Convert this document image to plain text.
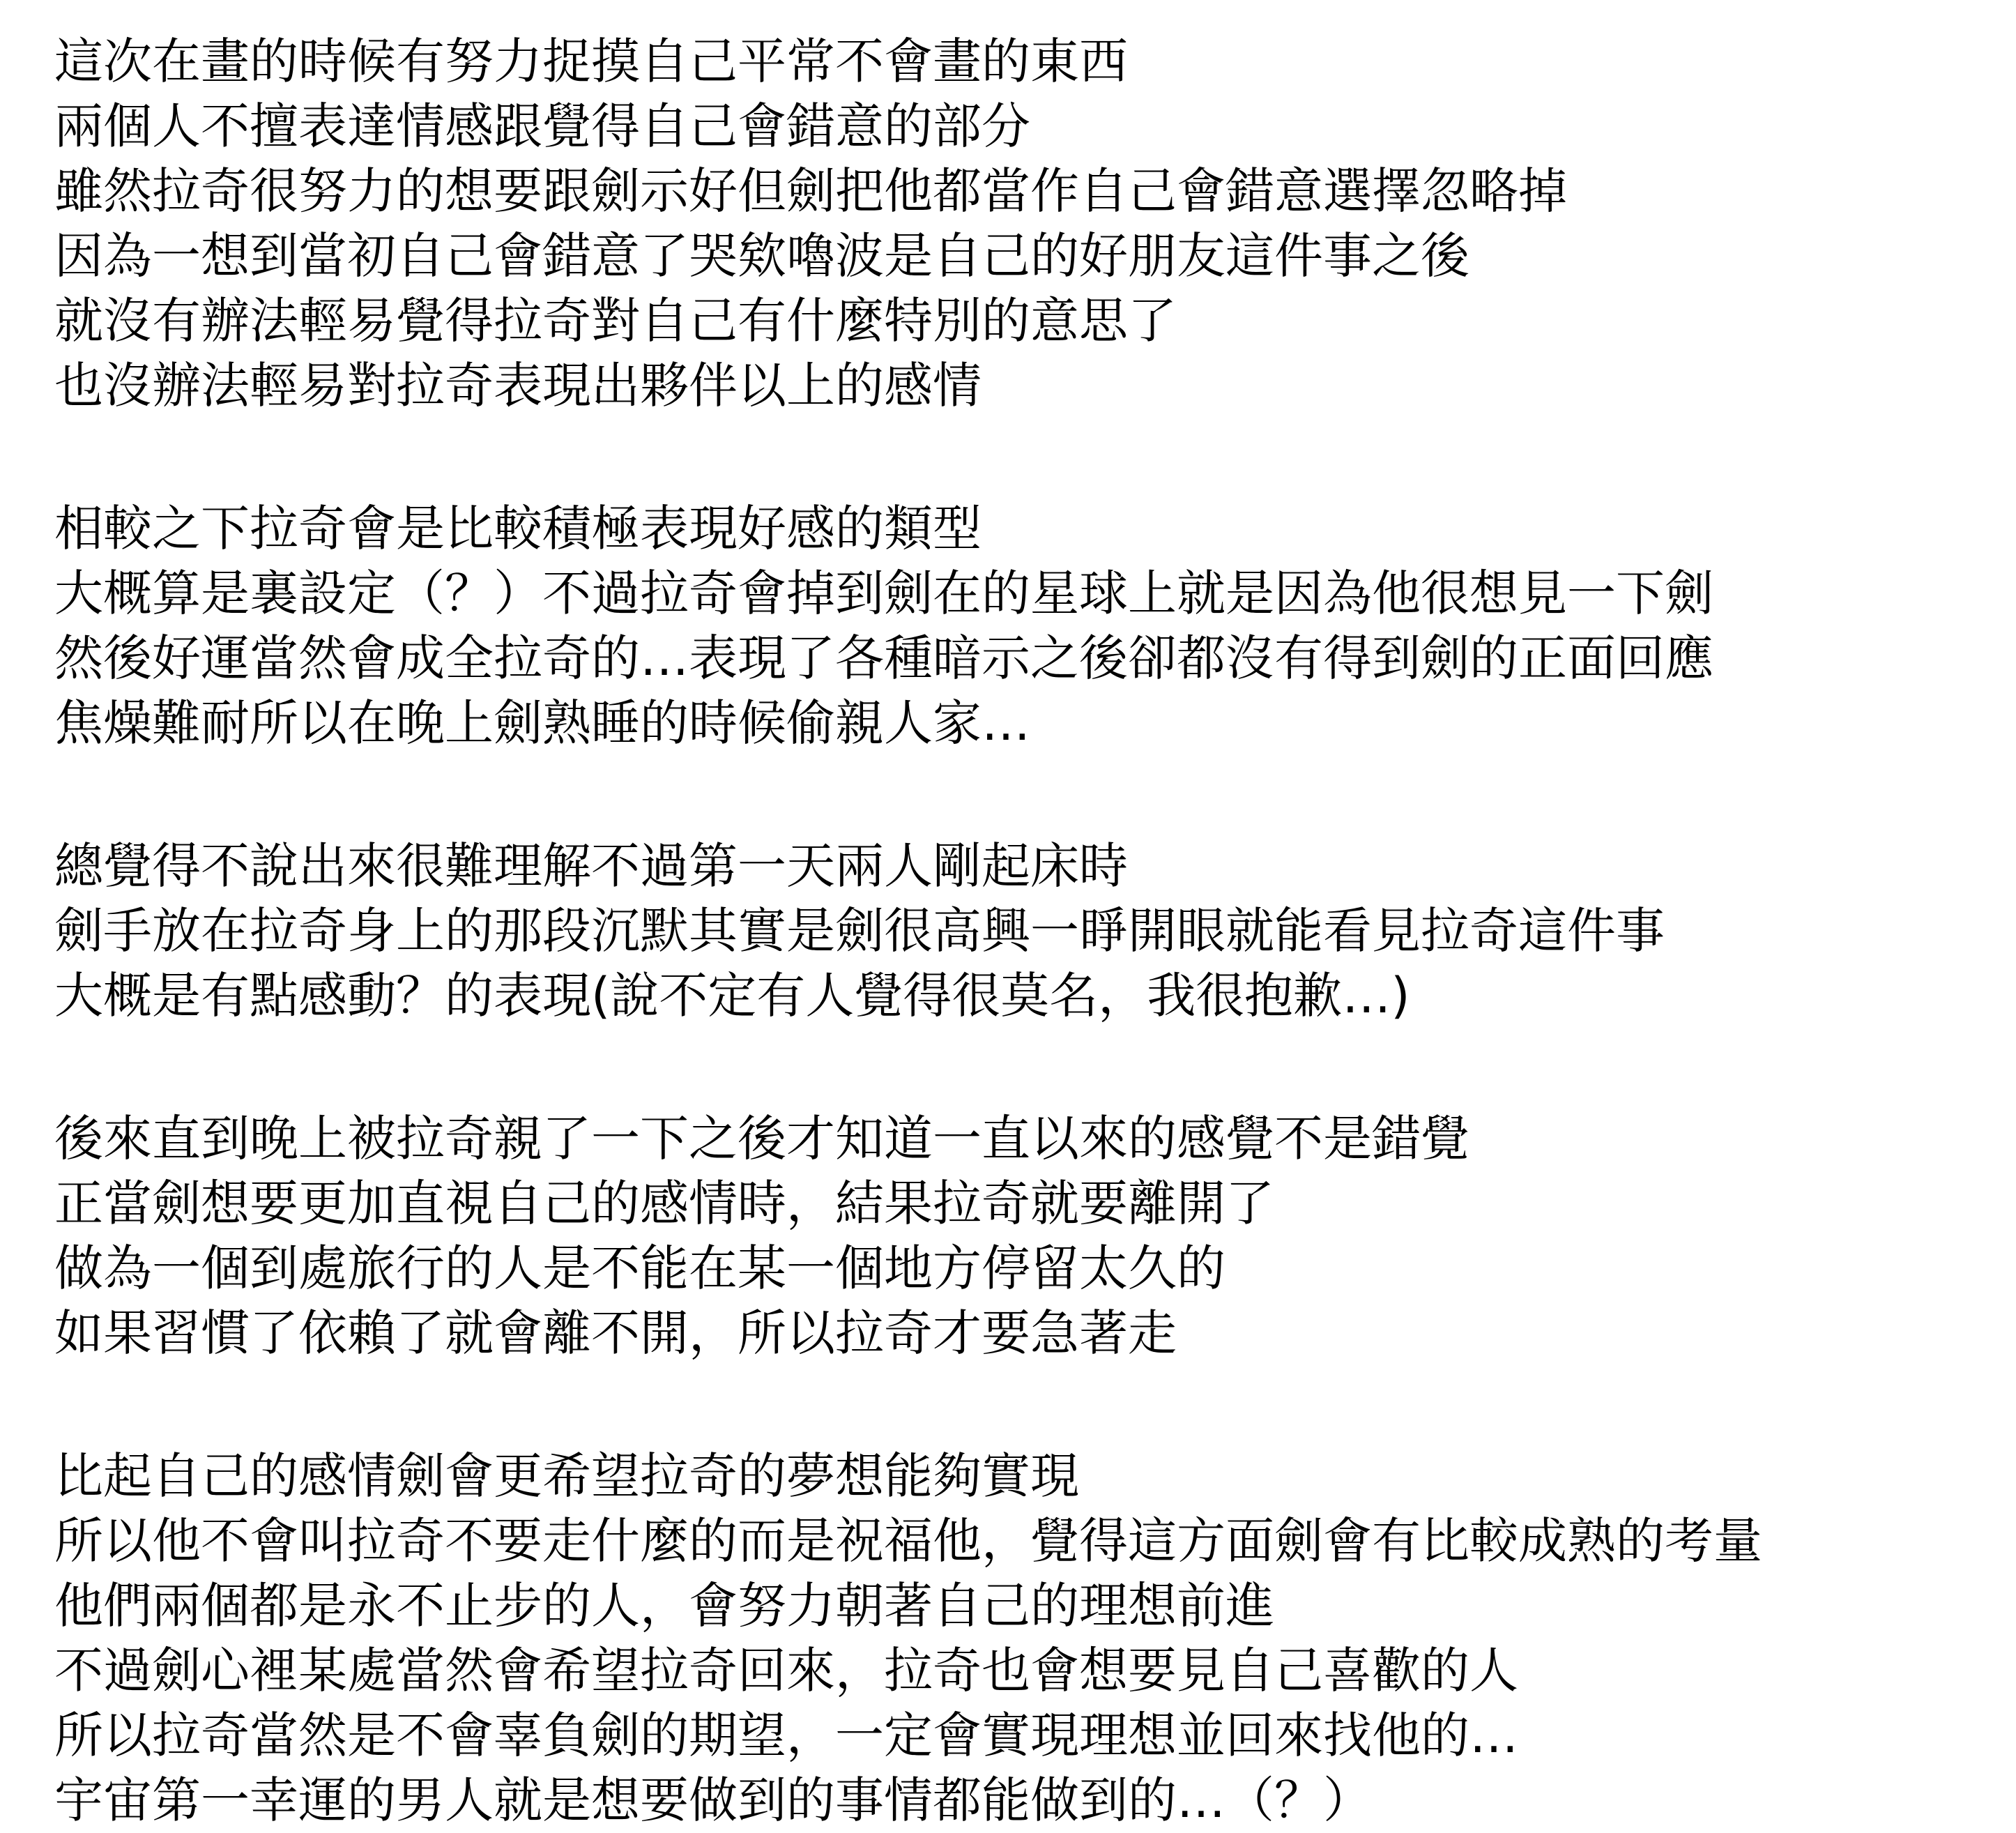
這次在畫的時候有努力捉摸自己平常不會畫的東西
兩個人不擅表達情感跟覺得自己會錯意的部分
雖然拉奇很努力的想要跟劍示好但劍把他都當作自己會錯意選擇忽略掉
因為一想到當初自己會錯意了哭欸嚕波是自己的好朋友這件事之後
就沒有辦法輕易覺得拉奇對自己有什麼特別的意思了
也沒辦法輕易對拉奇表現出夥伴以上的感情
相較之下拉奇會是比較積極表現好感的類型
大概算是裏設定（？）不過拉奇會掉到劍在的星球上就是因為他很想見一下劍
然後好運當然會成全拉奇的…表現了各種暗示之後卻都沒有得到劍的正面回應
焦燥難耐所以在晚上劍熟睡的時候偷親人家…
總覺得不說出來很難理解不過第一天兩人剛起床時
劍手放在拉奇身上的那段沉默其實是劍很高興一睜開眼就能看見拉奇這件事
大概是有點感動？的表現(說不定有人覺得很莫名，我很抱歉…)
後來直到晚上被拉奇親了一下之後才知道一直以來的感覺不是錯覺
正當劍想要更加直視自己的感情時，結果拉奇就要離開了
做為一個到處旅行的人是不能在某一個地方停留太久的
如果習慣了依賴了就會離不開，所以拉奇才要急著走
比起自己的感情劍會更希望拉奇的夢想能夠實現
所以他不會叫拉奇不要走什麼的而是祝福他，覺得這方面劍會有比較成熟的考量
他們兩個都是永不止步的人，會努力朝著自己的理想前進
不過劍心裡某處當然會希望拉奇回來，拉奇也會想要見自己喜歡的人
所以拉奇當然是不會辜負劍的期望，一定會實現理想並回來找他的…
宇宙第一幸運的男人就是想要做到的事情都能做到的…（？）
